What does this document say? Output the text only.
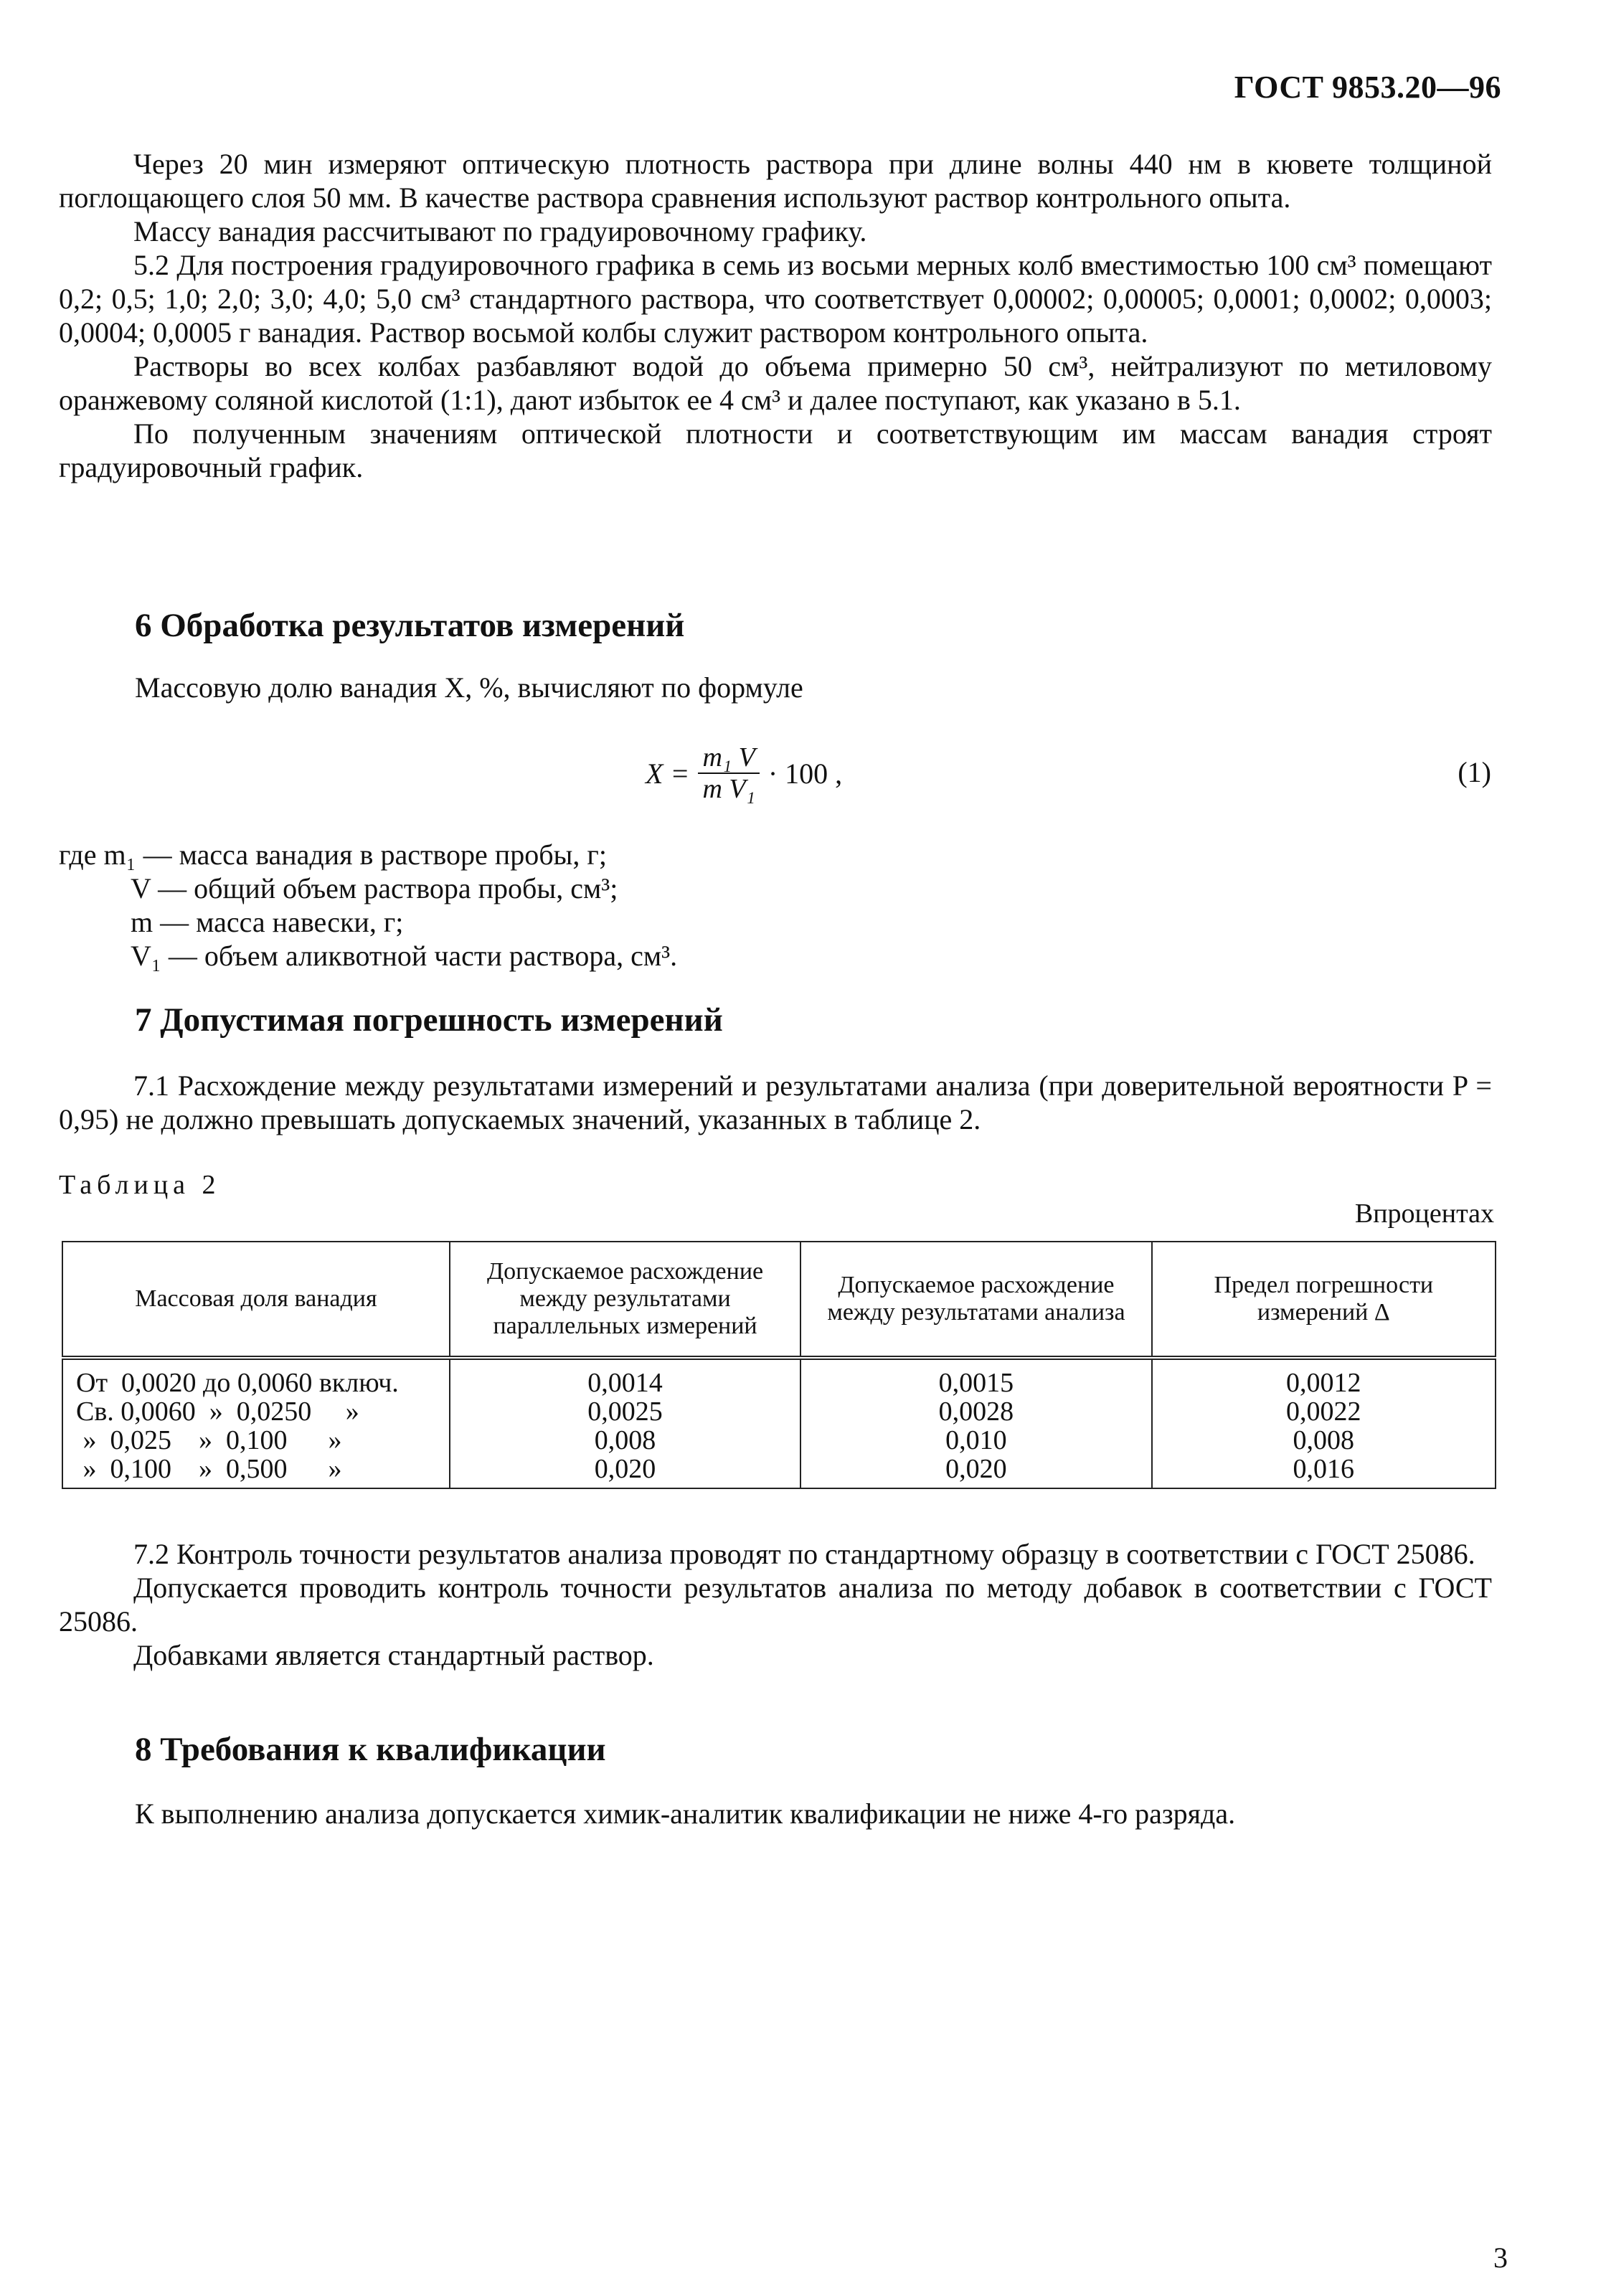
ГОСТ 9853.20—96

Через 20 мин измеряют оптическую плотность раствора при длине волны 440 нм в кювете толщиной поглощающего слоя 50 мм. В качестве раствора сравнения используют раствор контрольного опыта.

Массу ванадия рассчитывают по градуировочному графику.

5.2 Для построения градуировочного графика в семь из восьми мерных колб вместимостью 100 см³ помещают 0,2; 0,5; 1,0; 2,0; 3,0; 4,0; 5,0 см³ стандартного раствора, что соответствует 0,00002; 0,00005; 0,0001; 0,0002; 0,0003; 0,0004; 0,0005 г ванадия. Раствор восьмой колбы служит раствором контрольного опыта.

Растворы во всех колбах разбавляют водой до объема примерно 50 см³, нейтрализуют по метиловому оранжевому соляной кислотой (1:1), дают избыток ее 4 см³ и далее поступают, как указано в 5.1.

По полученным значениям оптической плотности и соответствующим им массам ванадия строят градуировочный график.

6 Обработка результатов измерений
Массовую долю ванадия X, %, вычисляют по формуле
$X = \frac{\text{m₁ V}}{\text{m V₁}} \cdot 100$ ,	(1)
где m₁ — масса ванадия в растворе пробы, г;
V — общий объем раствора пробы, см³;
m — масса навески, г;
V₁ — объем аликвотной части раствора, см³.
7 Допустимая погрешность измерений

7.1 Расхождение между результатами измерений и результатами анализа (при доверительной вероятности P = 0,95) не должно превышать допускаемых значений, указанных в таблице 2.

Таблица 2
Впроцентах
Массовая доля ванадия	Допускаемое расхождение между результатами параллельных измерений	Допускаемое расхождение между результатами анализа	Предел погрешности измерений Δ
От  0,0020 до 0,0060 включ.	0,0014	0,0015	0,0012
Св. 0,0060  »  0,0250     »	0,0025	0,0028	0,0022
»  0,025    »  0,100      »	0,008	0,010	0,008
»  0,100    »  0,500      »	0,020	0,020	0,016

7.2 Контроль точности результатов анализа проводят по стандартному образцу в соответствии с ГОСТ 25086.

Допускается проводить контроль точности результатов анализа по методу добавок в соответствии с ГОСТ 25086.

Добавками является стандартный раствор.

8 Требования к квалификации
К выполнению анализа допускается химик-аналитик квалификации не ниже 4-го разряда.
3
